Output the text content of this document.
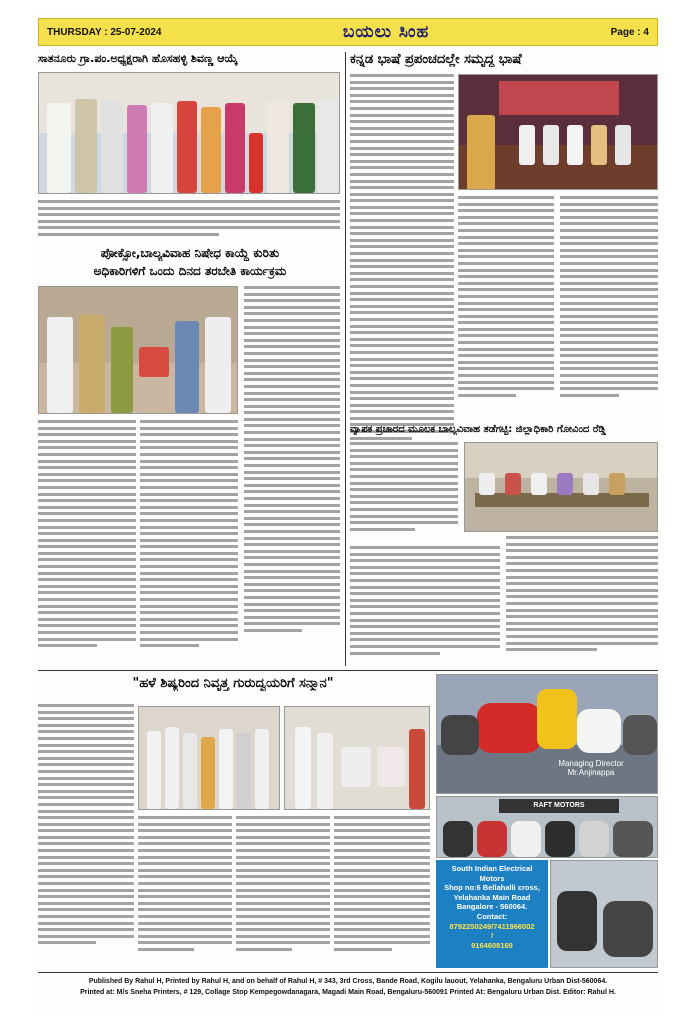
THURSDAY : 25-07-2024	ಬಯಲು ಸಿಂಹ	Page : 4
ಸಾತನೂರು ಗ್ರಾ.ಪಂ.ಅಧ್ಯಕ್ಷರಾಗಿ ಹೊಸಹಳ್ಳಿ ಶಿವಣ್ಣ ಆಯ್ಕೆ	ಕನ್ನಡ ಭಾಷೆ ಪ್ರಪಂಚದಲ್ಲೇ ಸಮೃದ್ಧ ಭಾಷೆ
ಪೋಕ್ಸೋ,ಬಾಲ್ಯವಿವಾಹ ನಿಷೇಧ ಕಾಯ್ದೆ ಕುರಿತು
ಅಧಿಕಾರಿಗಳಿಗೆ ಒಂದು ದಿನದ ತರಬೇತಿ ಕಾರ್ಯಕ್ರಮ
ವ್ಯಾಪಕ ಪ್ರಚಾರದ ಮೂಲಕ ಬಾಲ್ಯವಿವಾಹ ತಡೆಗಟ್ಟಿ: ಜಿಲ್ಲಾಧಿಕಾರಿ ಗೋವಿಂದ ರೆಡ್ಡಿ
"ಹಳೆ ಶಿಷ್ಯರಿಂದ ನಿವೃತ್ತ ಗುರುದ್ವಯರಿಗೆ ಸನ್ಮಾನ"
Managing Director
Mr.Anjinappa
RAFT MOTORS
South Indian Electrical
Motors
Shop no:6 Bellahalli cross,
Yelahanka Main Road
Bangalore - 560064.
Contact:
8792250249/7411966002
/
9164608169
Published By Rahul H, Printed by Rahul H, and on behalf of Rahul H, # 343, 3rd Cross, Bande Road, Kogilu lauout, Yelahanka, Bengaluru Urban Dist-560064.
Printed at: M/s Sneha Printers, # 129, Collage Stop Kempegowdanagara, Magadi Main Road, Bengaluru-560091 Printed At: Bengaluru Urban Dist. Editor: Rahul H.
